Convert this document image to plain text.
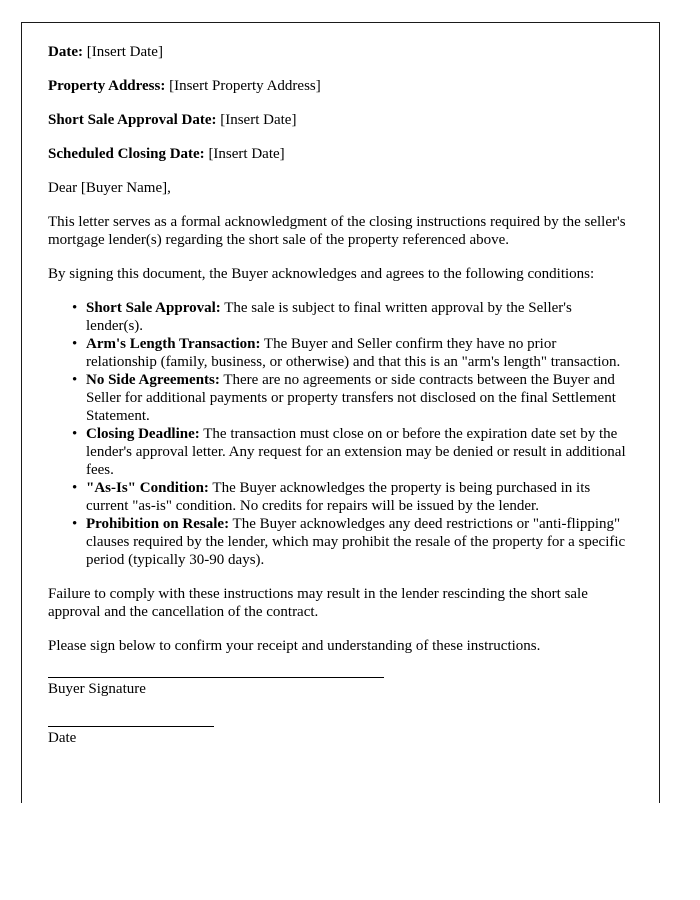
Date: [Insert Date]

Property Address: [Insert Property Address]

Short Sale Approval Date: [Insert Date]

Scheduled Closing Date: [Insert Date]

Dear [Buyer Name],

This letter serves as a formal acknowledgment of the closing instructions required by the seller's mortgage lender(s) regarding the short sale of the property referenced above.

By signing this document, the Buyer acknowledges and agrees to the following conditions:

• Short Sale Approval: The sale is subject to final written approval by the Seller's lender(s).
• Arm's Length Transaction: The Buyer and Seller confirm they have no prior relationship (family, business, or otherwise) and that this is an "arm's length" transaction.
• No Side Agreements: There are no agreements or side contracts between the Buyer and Seller for additional payments or property transfers not disclosed on the final Settlement Statement.
• Closing Deadline: The transaction must close on or before the expiration date set by the lender's approval letter. Any request for an extension may be denied or result in additional fees.
• "As-Is" Condition: The Buyer acknowledges the property is being purchased in its current "as-is" condition. No credits for repairs will be issued by the lender.
• Prohibition on Resale: The Buyer acknowledges any deed restrictions or "anti-flipping" clauses required by the lender, which may prohibit the resale of the property for a specific period (typically 30-90 days).

Failure to comply with these instructions may result in the lender rescinding the short sale approval and the cancellation of the contract.

Please sign below to confirm your receipt and understanding of these instructions.

Buyer Signature

Date
